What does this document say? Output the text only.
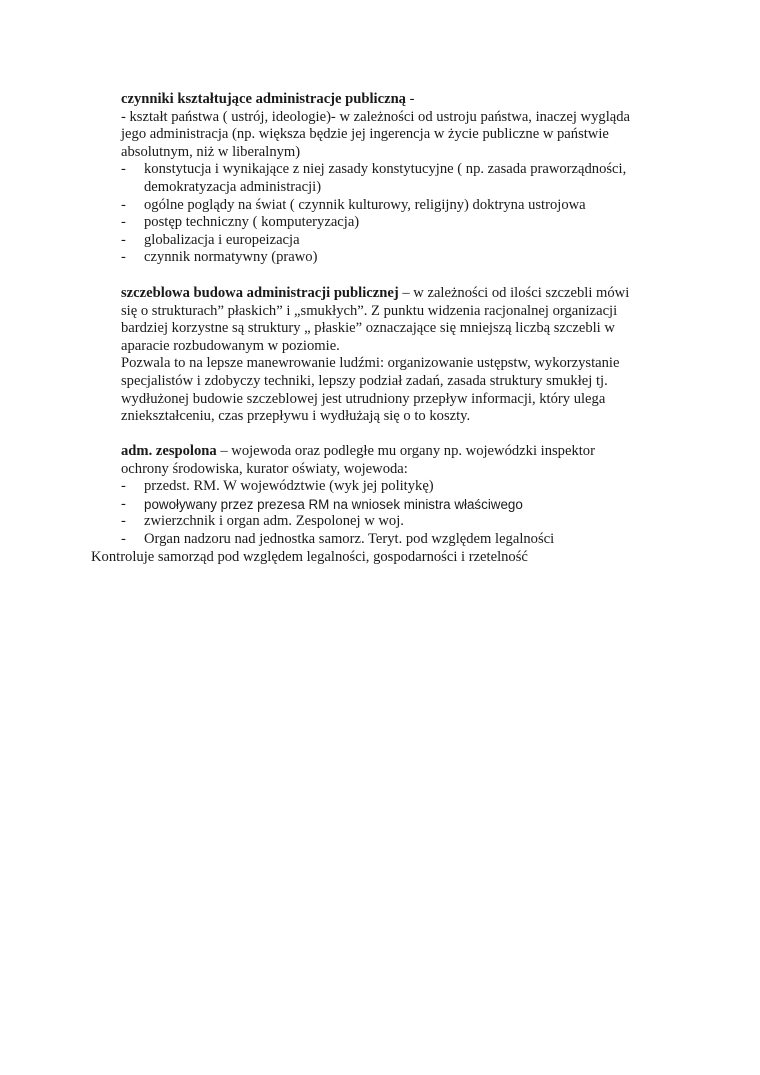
czynniki kształtujące administracje publiczną -
- kształt państwa ( ustrój, ideologie)- w zależności od ustroju państwa, inaczej wygląda
jego administracja (np. większa będzie jej ingerencja w życie publiczne w państwie
absolutnym, niż w liberalnym)
- konstytucja i wynikające z niej zasady konstytucyjne ( np. zasada praworządności,
demokratyzacja administracji)
- ogólne poglądy na świat ( czynnik kulturowy, religijny) doktryna ustrojowa
- postęp techniczny ( komputeryzacja)
- globalizacja i europeizacja
- czynnik normatywny (prawo)
szczeblowa budowa administracji publicznej – w zależności od ilości szczebli mówi
się o strukturach” płaskich” i „smukłych”. Z punktu widzenia racjonalnej organizacji
bardziej korzystne są struktury „ płaskie” oznaczające się mniejszą liczbą szczebli w
aparacie rozbudowanym w poziomie.
Pozwala to na lepsze manewrowanie ludźmi: organizowanie ustępstw, wykorzystanie
specjalistów i zdobyczy techniki, lepszy podział zadań, zasada struktury smukłej tj.
wydłużonej budowie szczeblowej jest utrudniony przepływ informacji, który ulega
zniekształceniu, czas przepływu i wydłużają się o to koszty.
adm. zespolona – wojewoda oraz podległe mu organy np. wojewódzki inspektor
ochrony środowiska, kurator oświaty, wojewoda:
- przedst. RM. W województwie (wyk jej politykę)
- powoływany przez prezesa RM na wniosek ministra właściwego
- zwierzchnik i organ adm. Zespolonej w woj.
- Organ nadzoru nad jednostka samorz. Teryt. pod względem legalności
Kontroluje samorząd pod względem legalności, gospodarności i rzetelność
